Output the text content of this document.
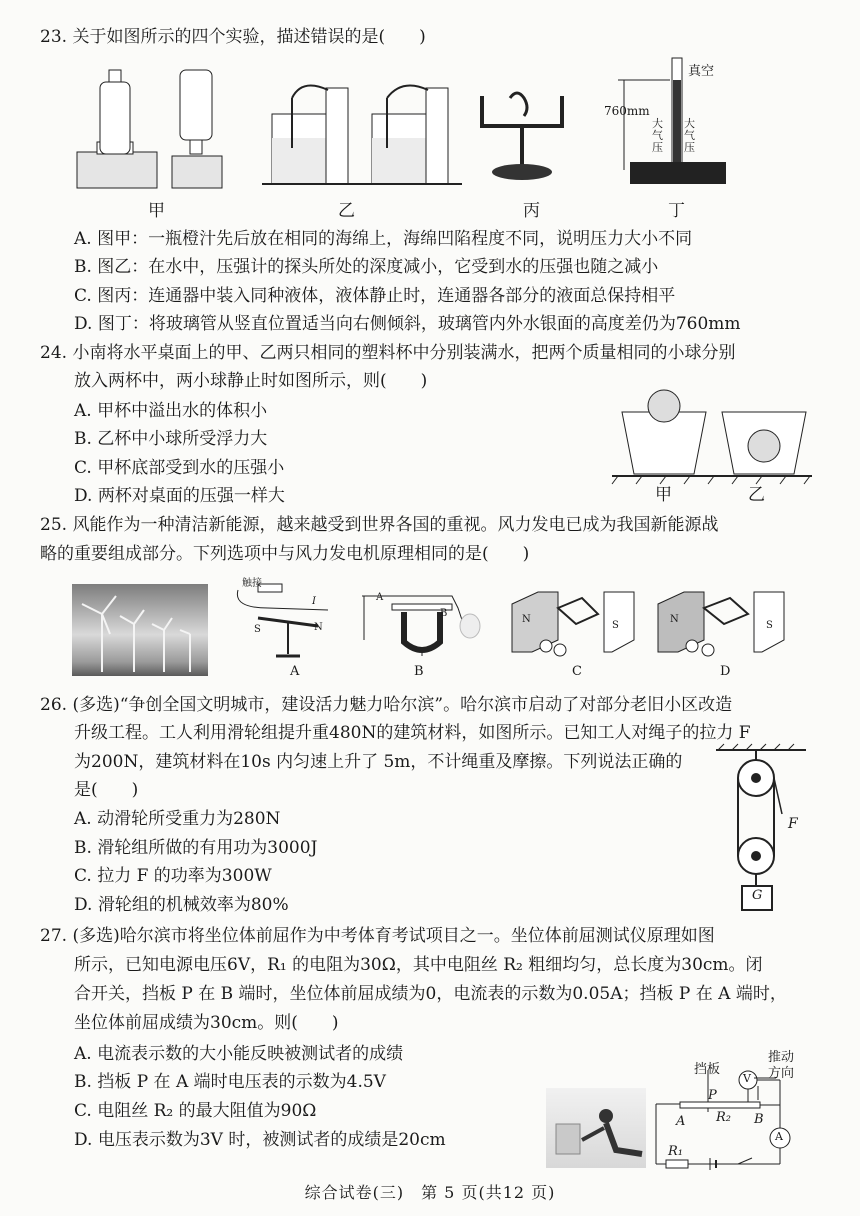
23. 关于如图所示的四个实验，描述错误的是(　　)
甲	乙	丙
真空
760mm
大气压
大气压
丁
A. 图甲：一瓶橙汁先后放在相同的海绵上，海绵凹陷程度不同，说明压力大小不同
B. 图乙：在水中，压强计的探头所处的深度减小，它受到水的压强也随之减小
C. 图丙：连通器中装入同种液体，液体静止时，连通器各部分的液面总保持相平
D. 图丁：将玻璃管从竖直位置适当向右侧倾斜，玻璃管内外水银面的高度差仍为760mm
24. 小南将水平桌面上的甲、乙两只相同的塑料杯中分别装满水，把两个质量相同的小球分别
放入两杯中，两小球静止时如图所示，则(　　)
A. 甲杯中溢出水的体积小
B. 乙杯中小球所受浮力大
C. 甲杯底部受到水的压强小
D. 两杯对桌面的压强一样大	甲	乙
25. 风能作为一种清洁新能源，越来越受到世界各国的重视。风力发电已成为我国新能源战
略的重要组成部分。下列选项中与风力发电机原理相同的是(　　)
触接
I
S	N
A
A
B
B
N
S
C
N
S
D
26. (多选)“争创全国文明城市，建设活力魅力哈尔滨”。哈尔滨市启动了对部分老旧小区改造
升级工程。工人利用滑轮组提升重480N的建筑材料，如图所示。已知工人对绳子的拉力 F
为200N，建筑材料在10s 内匀速上升了 5m，不计绳重及摩擦。下列说法正确的
是(　　)
A. 动滑轮所受重力为280N
B. 滑轮组所做的有用功为3000J
C. 拉力 F 的功率为300W
D. 滑轮组的机械效率为80%
F
G
27. (多选)哈尔滨市将坐位体前屈作为中考体育考试项目之一。坐位体前屈测试仪原理如图
所示，已知电源电压6V，R₁ 的电阻为30Ω，其中电阻丝 R₂ 粗细均匀，总长度为30cm。闭
合开关，挡板 P 在 B 端时，坐位体前屈成绩为0，电流表的示数为0.05A；挡板 P 在 A 端时，
坐位体前屈成绩为30cm。则(　　)
A. 电流表示数的大小能反映被测试者的成绩
B. 挡板 P 在 A 端时电压表的示数为4.5V
C. 电阻丝 R₂ 的最大阻值为90Ω
D. 电压表示数为3V 时，被测试者的成绩是20cm
挡板
推动
方向
P
V
A R₂ B
A
R₁
综合试卷(三)　第 5 页(共12 页)
